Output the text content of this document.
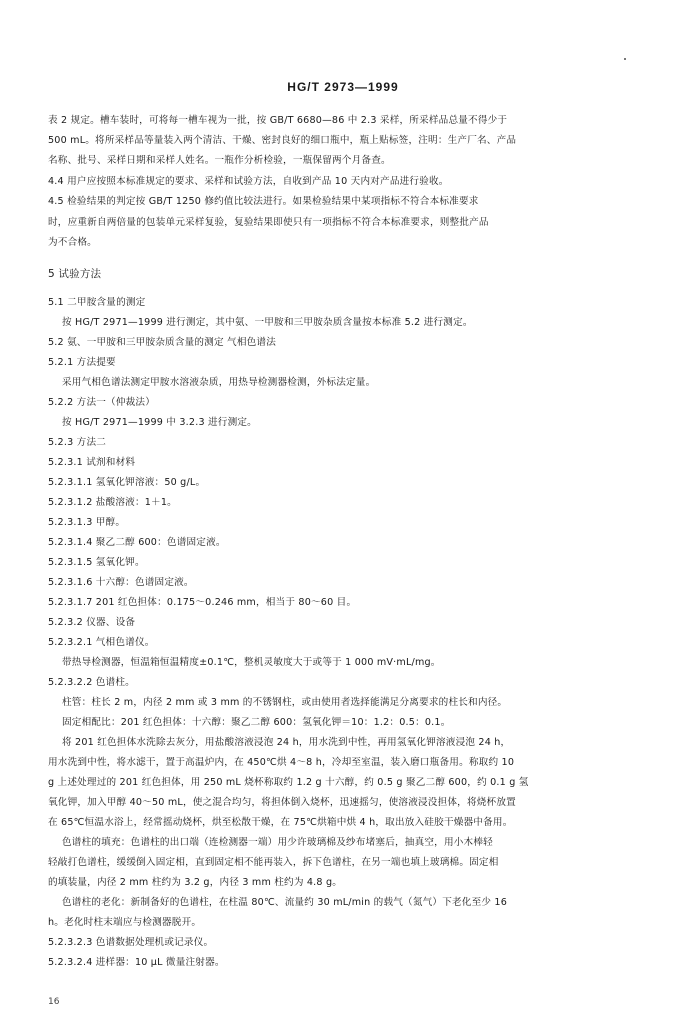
HG/T 2973—1999
表 2 规定。槽车装时，可将每一槽车视为一批，按 GB/T 6680—86 中 2.3 采样，所采样品总量不得少于
500 mL。将所采样品等量装入两个清洁、干燥、密封良好的细口瓶中，瓶上贴标签，注明：生产厂名、产品
名称、批号、采样日期和采样人姓名。一瓶作分析检验，一瓶保留两个月备查。
4.4 用户应按照本标准规定的要求、采样和试验方法，自收到产品 10 天内对产品进行验收。
4.5 检验结果的判定按 GB/T 1250 修约值比较法进行。如果检验结果中某项指标不符合本标准要求
时，应重新自两倍量的包装单元采样复验，复验结果即使只有一项指标不符合本标准要求，则整批产品
为不合格。
5 试验方法
5.1 二甲胺含量的测定
按 HG/T 2971—1999 进行测定，其中氨、一甲胺和三甲胺杂质含量按本标准 5.2 进行测定。
5.2 氨、一甲胺和三甲胺杂质含量的测定 气相色谱法
5.2.1 方法提要
采用气相色谱法测定甲胺水溶液杂质，用热导检测器检测，外标法定量。
5.2.2 方法一（仲裁法）
按 HG/T 2971—1999 中 3.2.3 进行测定。
5.2.3 方法二
5.2.3.1 试剂和材料
5.2.3.1.1 氢氧化钾溶液：50 g/L。
5.2.3.1.2 盐酸溶液：1＋1。
5.2.3.1.3 甲醇。
5.2.3.1.4 聚乙二醇 600：色谱固定液。
5.2.3.1.5 氢氧化钾。
5.2.3.1.6 十六醇：色谱固定液。
5.2.3.1.7 201 红色担体：0.175～0.246 mm，相当于 80～60 目。
5.2.3.2 仪器、设备
5.2.3.2.1 气相色谱仪。
带热导检测器，恒温箱恒温精度±0.1℃，整机灵敏度大于或等于 1 000 mV·mL/mg。
5.2.3.2.2 色谱柱。
柱管：柱长 2 m，内径 2 mm 或 3 mm 的不锈钢柱，或由使用者选择能满足分离要求的柱长和内径。
固定相配比：201 红色担体：十六醇：聚乙二醇 600：氢氧化钾＝10：1.2：0.5：0.1。
将 201 红色担体水洗除去灰分，用盐酸溶液浸泡 24 h，用水洗到中性，再用氢氧化钾溶液浸泡 24 h，
用水洗到中性，将水滤干，置于高温炉内，在 450℃烘 4～8 h，冷却至室温，装入磨口瓶备用。称取约 10
g 上述处理过的 201 红色担体，用 250 mL 烧杯称取约 1.2 g 十六醇，约 0.5 g 聚乙二醇 600，约 0.1 g 氢
氧化钾，加入甲醇 40～50 mL，使之混合均匀，将担体倒入烧杯，迅速摇匀，使溶液浸没担体，将烧杯放置
在 65℃恒温水浴上，经常摇动烧杯，烘至松散干燥，在 75℃烘箱中烘 4 h，取出放入硅胶干燥器中备用。
色谱柱的填充：色谱柱的出口端（连检测器一端）用少许玻璃棉及纱布堵塞后，抽真空，用小木棒轻
轻敲打色谱柱，缓缓倒入固定相，直到固定相不能再装入，拆下色谱柱，在另一端也填上玻璃棉。固定相
的填装量，内径 2 mm 柱约为 3.2 g，内径 3 mm 柱约为 4.8 g。
色谱柱的老化：新制备好的色谱柱，在柱温 80℃、流量约 30 mL/min 的载气（氮气）下老化至少 16
h。老化时柱末端应与检测器脱开。
5.2.3.2.3 色谱数据处理机或记录仪。
5.2.3.2.4 进样器：10 μL 微量注射器。
16
